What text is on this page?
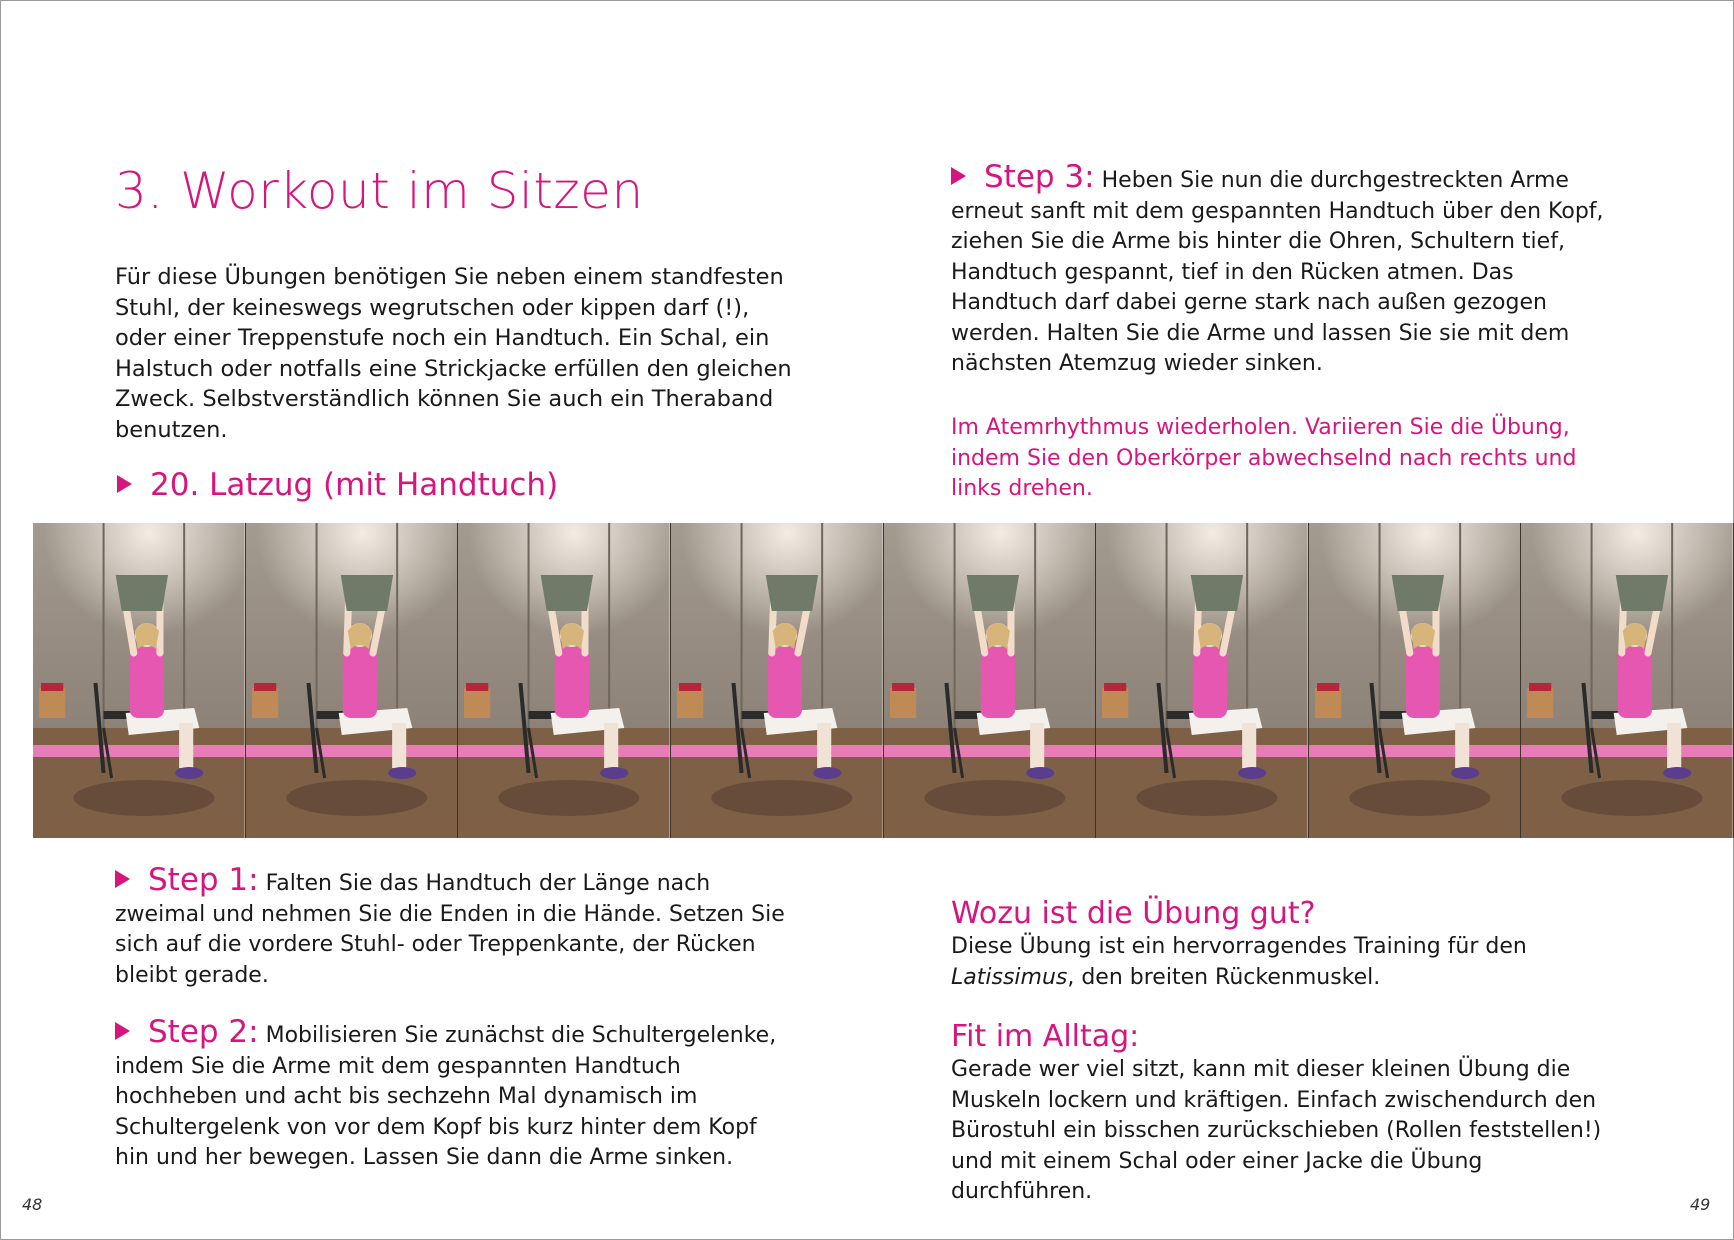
3. Workout im Sitzen
Für diese Übungen benötigen Sie neben einem standfesten Stuhl, der keineswegs wegrutschen oder kippen darf (!), oder einer Treppenstufe noch ein Handtuch. Ein Schal, ein Halstuch oder notfalls eine Strickjacke erfüllen den gleichen Zweck. Selbstverständlich können Sie auch ein Theraband benutzen.
20. Latzug (mit Handtuch)
Step 1: Falten Sie das Handtuch der Länge nach zweimal und nehmen Sie die Enden in die Hände. Setzen Sie sich auf die vordere Stuhl- oder Treppenkante, der Rücken bleibt gerade.
Step 2: Mobilisieren Sie zunächst die Schultergelenke, indem Sie die Arme mit dem gespannten Handtuch hochheben und acht bis sechzehn Mal dynamisch im Schultergelenk von vor dem Kopf bis kurz hinter dem Kopf hin und her bewegen. Lassen Sie dann die Arme sinken.
48
Step 3: Heben Sie nun die durchgestreckten Arme erneut sanft mit dem gespannten Handtuch über den Kopf, ziehen Sie die Arme bis hinter die Ohren, Schultern tief, Handtuch gespannt, tief in den Rücken atmen. Das Handtuch darf dabei gerne stark nach außen gezogen werden. Halten Sie die Arme und lassen Sie sie mit dem nächsten Atemzug wieder sinken.
Im Atemrhythmus wiederholen. Variieren Sie die Übung, indem Sie den Oberkörper abwechselnd nach rechts und links drehen.
Wozu ist die Übung gut?
Diese Übung ist ein hervorragendes Training für den Latissimus, den breiten Rückenmuskel.
Fit im Alltag:
Gerade wer viel sitzt, kann mit dieser kleinen Übung die Muskeln lockern und kräftigen. Einfach zwischendurch den Bürostuhl ein bisschen zurückschieben (Rollen feststellen!) und mit einem Schal oder einer Jacke die Übung durchführen.
49
